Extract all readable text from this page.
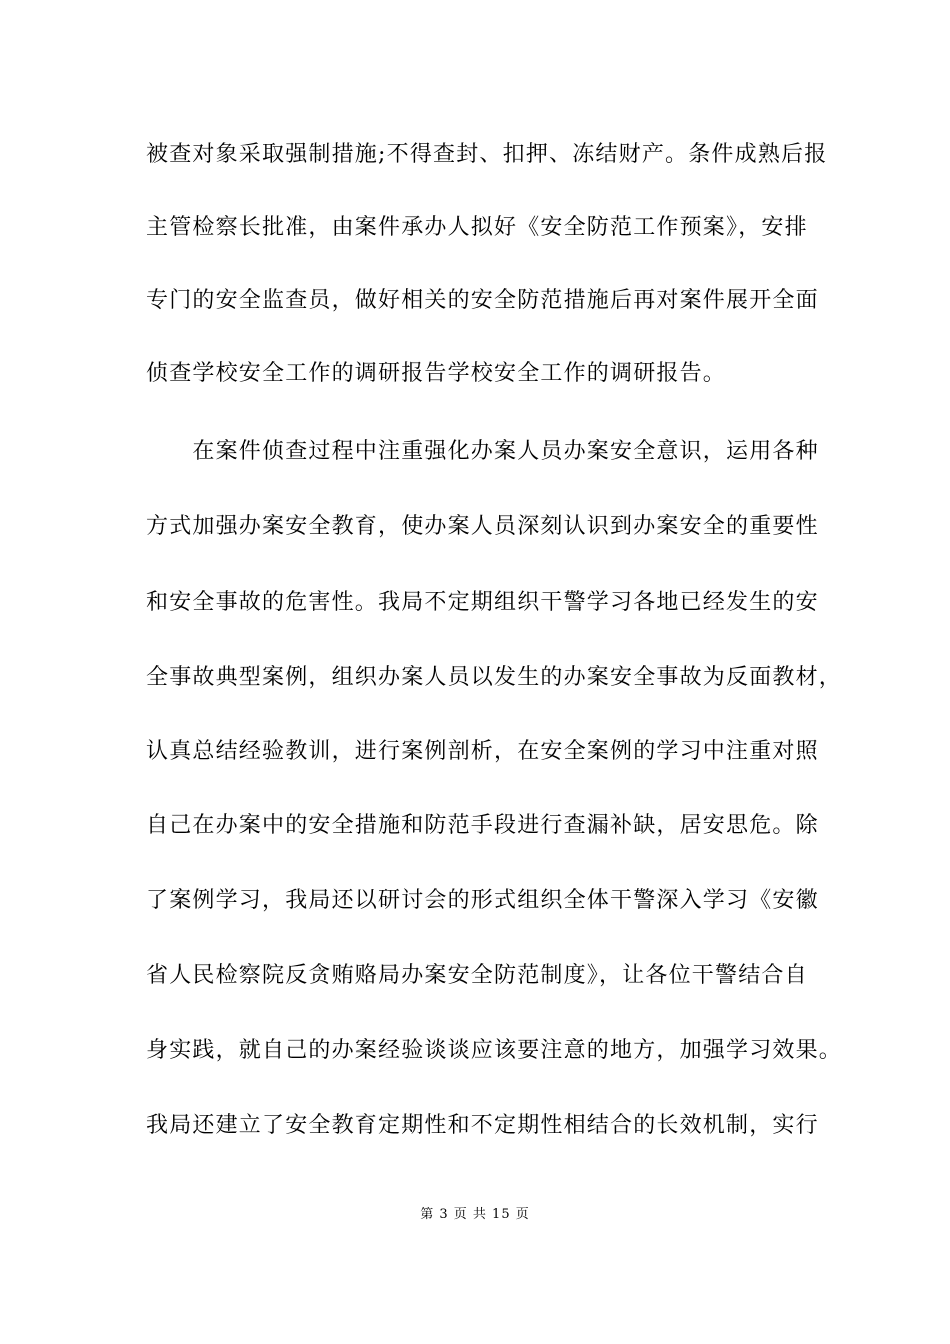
被查对象采取强制措施;不得查封、扣押、冻结财产。条件成熟后报
主管检察长批准，由案件承办人拟好《安全防范工作预案》，安排
专门的安全监查员，做好相关的安全防范措施后再对案件展开全面
侦查学校安全工作的调研报告学校安全工作的调研报告。
　　在案件侦查过程中注重强化办案人员办案安全意识，运用各种
方式加强办案安全教育，使办案人员深刻认识到办案安全的重要性
和安全事故的危害性。我局不定期组织干警学习各地已经发生的安
全事故典型案例，组织办案人员以发生的办案安全事故为反面教材，
认真总结经验教训，进行案例剖析，在安全案例的学习中注重对照
自己在办案中的安全措施和防范手段进行查漏补缺，居安思危。除
了案例学习，我局还以研讨会的形式组织全体干警深入学习《安徽
省人民检察院反贪贿赂局办案安全防范制度》，让各位干警结合自
身实践，就自己的办案经验谈谈应该要注意的地方，加强学习效果。
我局还建立了安全教育定期性和不定期性相结合的长效机制，实行
第 3 页 共 15 页
